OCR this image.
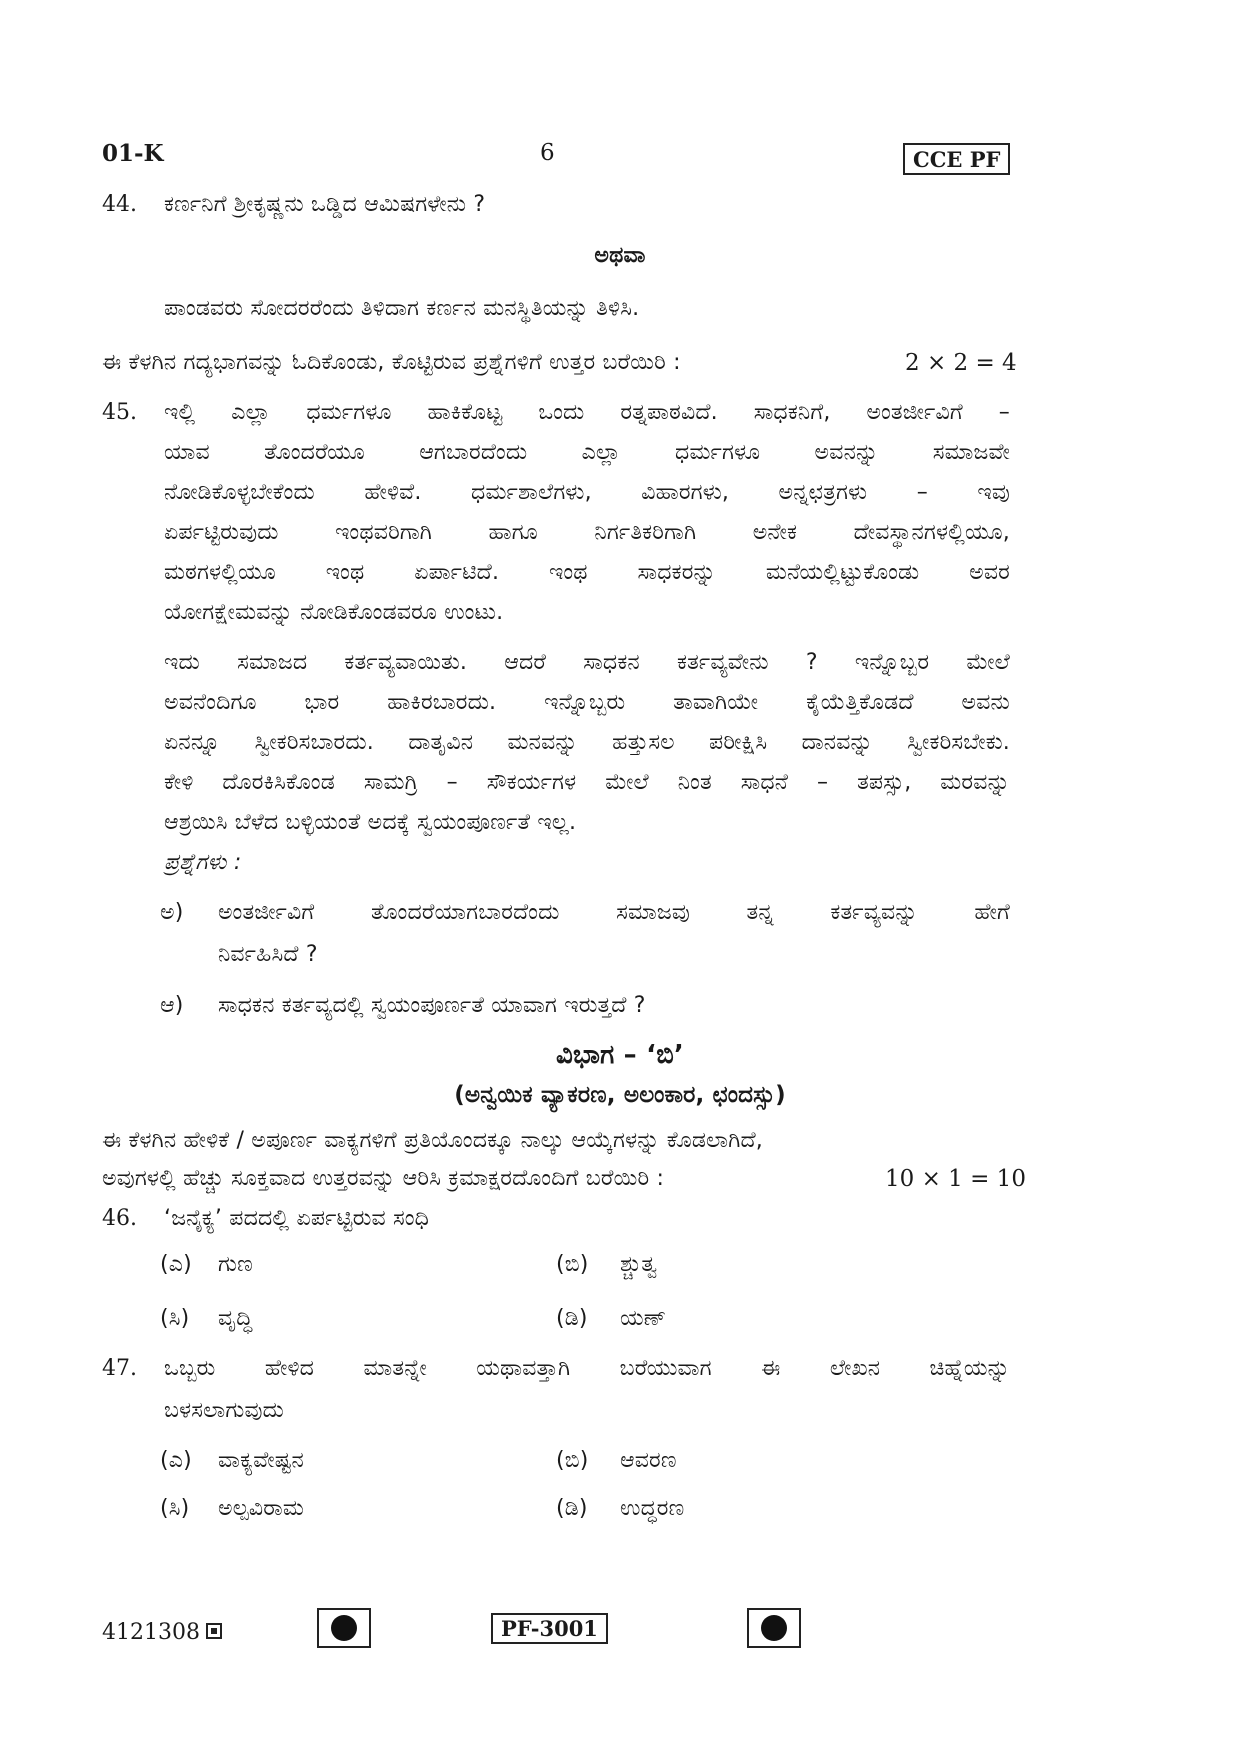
01-K	6	CCE PF
44. ಕರ್ಣನಿಗೆ ಶ್ರೀಕೃಷ್ಣನು ಒಡ್ಡಿದ ಆಮಿಷಗಳೇನು ?
ಅಥವಾ
ಪಾಂಡವರು ಸೋದರರೆಂದು ತಿಳಿದಾಗ ಕರ್ಣನ ಮನಸ್ಥಿತಿಯನ್ನು ತಿಳಿಸಿ.
ಈ ಕೆಳಗಿನ ಗದ್ಯಭಾಗವನ್ನು ಓದಿಕೊಂಡು, ಕೊಟ್ಟಿರುವ ಪ್ರಶ್ನೆಗಳಿಗೆ ಉತ್ತರ ಬರೆಯಿರಿ :	2 × 2 = 4
45. ಇಲ್ಲಿ ಎಲ್ಲಾ ಧರ್ಮಗಳೂ ಹಾಕಿಕೊಟ್ಟ ಒಂದು ರತ್ನಪಾಠವಿದೆ. ಸಾಧಕನಿಗೆ, ಅಂತರ್ಜೀವಿಗೆ –
ಯಾವ ತೊಂದರೆಯೂ ಆಗಬಾರದೆಂದು ಎಲ್ಲಾ ಧರ್ಮಗಳೂ ಅವನನ್ನು ಸಮಾಜವೇ
ನೋಡಿಕೊಳ್ಳಬೇಕೆಂದು ಹೇಳಿವೆ. ಧರ್ಮಶಾಲೆಗಳು, ವಿಹಾರಗಳು, ಅನ್ನಛತ್ರಗಳು – ಇವು
ಏರ್ಪಟ್ಟಿರುವುದು ಇಂಥವರಿಗಾಗಿ ಹಾಗೂ ನಿರ್ಗತಿಕರಿಗಾಗಿ ಅನೇಕ ದೇವಸ್ಥಾನಗಳಲ್ಲಿಯೂ,
ಮಠಗಳಲ್ಲಿಯೂ ಇಂಥ ಏರ್ಪಾಟಿದೆ. ಇಂಥ ಸಾಧಕರನ್ನು ಮನೆಯಲ್ಲಿಟ್ಟುಕೊಂಡು ಅವರ
ಯೋಗಕ್ಷೇಮವನ್ನು ನೋಡಿಕೊಂಡವರೂ ಉಂಟು.
ಇದು ಸಮಾಜದ ಕರ್ತವ್ಯವಾಯಿತು. ಆದರೆ ಸಾಧಕನ ಕರ್ತವ್ಯವೇನು ? ಇನ್ನೊಬ್ಬರ ಮೇಲೆ
ಅವನೆಂದಿಗೂ ಭಾರ ಹಾಕಿರಬಾರದು. ಇನ್ನೊಬ್ಬರು ತಾವಾಗಿಯೇ ಕೈಯೆತ್ತಿಕೊಡದೆ ಅವನು
ಏನನ್ನೂ ಸ್ವೀಕರಿಸಬಾರದು. ದಾತೃವಿನ ಮನವನ್ನು ಹತ್ತುಸಲ ಪರೀಕ್ಷಿಸಿ ದಾನವನ್ನು ಸ್ವೀಕರಿಸಬೇಕು.
ಕೇಳಿ ದೊರಕಿಸಿಕೊಂಡ ಸಾಮಗ್ರಿ – ಸೌಕರ್ಯಗಳ ಮೇಲೆ ನಿಂತ ಸಾಧನೆ – ತಪಸ್ಸು, ಮರವನ್ನು
ಆಶ್ರಯಿಸಿ ಬೆಳೆದ ಬಳ್ಳಿಯಂತೆ ಅದಕ್ಕೆ ಸ್ವಯಂಪೂರ್ಣತೆ ಇಲ್ಲ.
ಪ್ರಶ್ನೆಗಳು :
ಅ) ಅಂತರ್ಜೀವಿಗೆ ತೊಂದರೆಯಾಗಬಾರದೆಂದು ಸಮಾಜವು ತನ್ನ ಕರ್ತವ್ಯವನ್ನು ಹೇಗೆ
ನಿರ್ವಹಿಸಿದೆ ?
ಆ) ಸಾಧಕನ ಕರ್ತವ್ಯದಲ್ಲಿ ಸ್ವಯಂಪೂರ್ಣತೆ ಯಾವಾಗ ಇರುತ್ತದೆ ?
ವಿಭಾಗ – ‘ಬಿ’
(ಅನ್ವಯಿಕ ವ್ಯಾಕರಣ, ಅಲಂಕಾರ, ಛಂದಸ್ಸು)
ಈ ಕೆಳಗಿನ ಹೇಳಿಕೆ / ಅಪೂರ್ಣ ವಾಕ್ಯಗಳಿಗೆ ಪ್ರತಿಯೊಂದಕ್ಕೂ ನಾಲ್ಕು ಆಯ್ಕೆಗಳನ್ನು ಕೊಡಲಾಗಿದೆ,
ಅವುಗಳಲ್ಲಿ ಹೆಚ್ಚು ಸೂಕ್ತವಾದ ಉತ್ತರವನ್ನು ಆರಿಸಿ ಕ್ರಮಾಕ್ಷರದೊಂದಿಗೆ ಬರೆಯಿರಿ :	10 × 1 = 10
46. ‘ಜನೈಕ್ಯ’ ಪದದಲ್ಲಿ ಏರ್ಪಟ್ಟಿರುವ ಸಂಧಿ
(ಎ) ಗುಣ	(ಬಿ) ಶ್ಚುತ್ವ
(ಸಿ) ವೃದ್ಧಿ	(ಡಿ) ಯಣ್
47. ಒಬ್ಬರು ಹೇಳಿದ ಮಾತನ್ನೇ ಯಥಾವತ್ತಾಗಿ ಬರೆಯುವಾಗ ಈ ಲೇಖನ ಚಿಹ್ನೆಯನ್ನು
ಬಳಸಲಾಗುವುದು
(ಎ) ವಾಕ್ಯವೇಷ್ಟನ	(ಬಿ) ಆವರಣ
(ಸಿ) ಅಲ್ಪವಿರಾಮ	(ಡಿ) ಉದ್ಧರಣ
4121308	PF-3001
